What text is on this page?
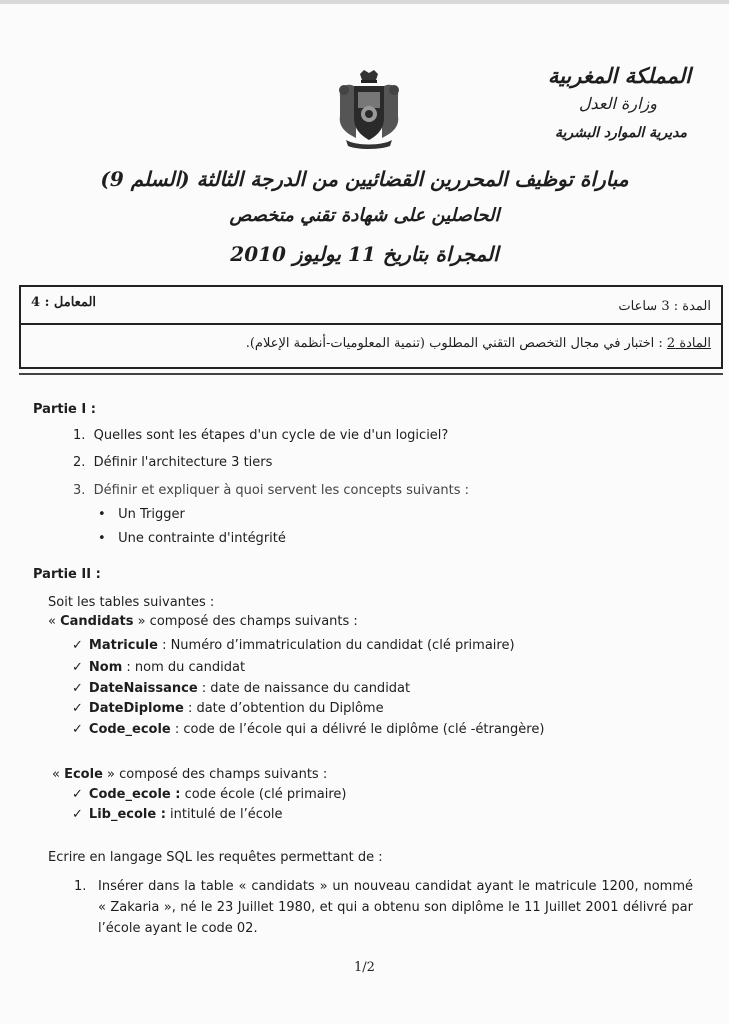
المملكة المغربية
وزارة العدل
مديرية الموارد البشرية
مباراة توظيف المحررين القضائيين من الدرجة الثالثة (السلم 9)
الحاصلين على شهادة تقني متخصص
المجراة بتاريخ 11 يوليوز 2010
المدة : 3 ساعات
المعامل : 4
المادة 2 : اختبار في مجال التخصص التقني المطلوب (تنمية المعلوميات-أنظمة الإعلام).
Partie I :
1.  Quelles sont les étapes d'un cycle de vie d'un logiciel?
2.  Définir l'architecture 3 tiers
3.  Définir et expliquer à quoi servent les concepts suivants :
•   Un Trigger
•   Une contrainte d'intégrité
Partie II :
Soit les tables suivantes :
« Candidats » composé des champs suivants :
✓ Matricule : Numéro d’immatriculation du candidat (clé primaire)
✓ Nom : nom du candidat
✓ DateNaissance : date de naissance du candidat
✓ DateDiplome : date d’obtention du Diplôme
✓ Code_ecole : code de l’école qui a délivré le diplôme (clé -étrangère)
« Ecole » composé des champs suivants :
✓ Code_ecole : code école (clé primaire)
✓ Lib_ecole : intitulé de l’école
Ecrire en langage SQL les requêtes permettant de :
1. Insérer dans la table « candidats » un nouveau candidat ayant le matricule 1200, nommé « Zakaria », né le 23 Juillet 1980, et qui a obtenu son diplôme le 11 Juillet 2001 délivré par l’école ayant le code 02.
1/2
